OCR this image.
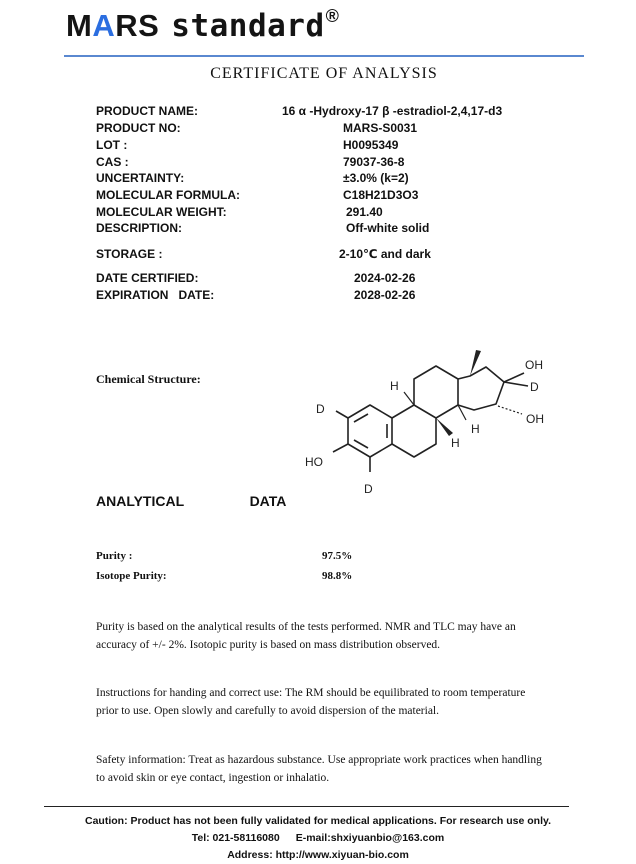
MARS standard®
CERTIFICATE OF ANALYSIS
PRODUCT NAME:	16 α -Hydroxy-17 β -estradiol-2,4,17-d3
PRODUCT NO:	MARS-S0031
LOT :	H0095349
CAS :	79037-36-8
UNCERTAINTY:	±3.0% (k=2)
MOLECULAR FORMULA:	C18H21D3O3
MOLECULAR WEIGHT:	291.40
DESCRIPTION:	Off-white solid
STORAGE :	2-10℃ and dark
DATE CERTIFIED:	2024-02-26
EXPIRATION   DATE:	2028-02-26
Chemical Structure:
OH
D
OH
H
H
H
D
HO
D
ANALYTICAL   DATA
Purity :	97.5%
Isotope Purity:	98.8%
Purity is based on the analytical results of the tests performed. NMR and TLC may have an accuracy of +/- 2%. Isotopic purity is based on mass distribution observed.
Instructions for handing and correct use: The RM should be equilibrated to room temperature prior to use. Open slowly and carefully to avoid dispersion of the material.
Safety information: Treat as hazardous substance. Use appropriate work practices when handling to avoid skin or eye contact, ingestion or inhalatio.
Caution: Product has not been fully validated for medical applications. For research use only.
Tel: 021-58116080 E-mail:shxiyuanbio@163.com
Address: http://www.xiyuan-bio.com
